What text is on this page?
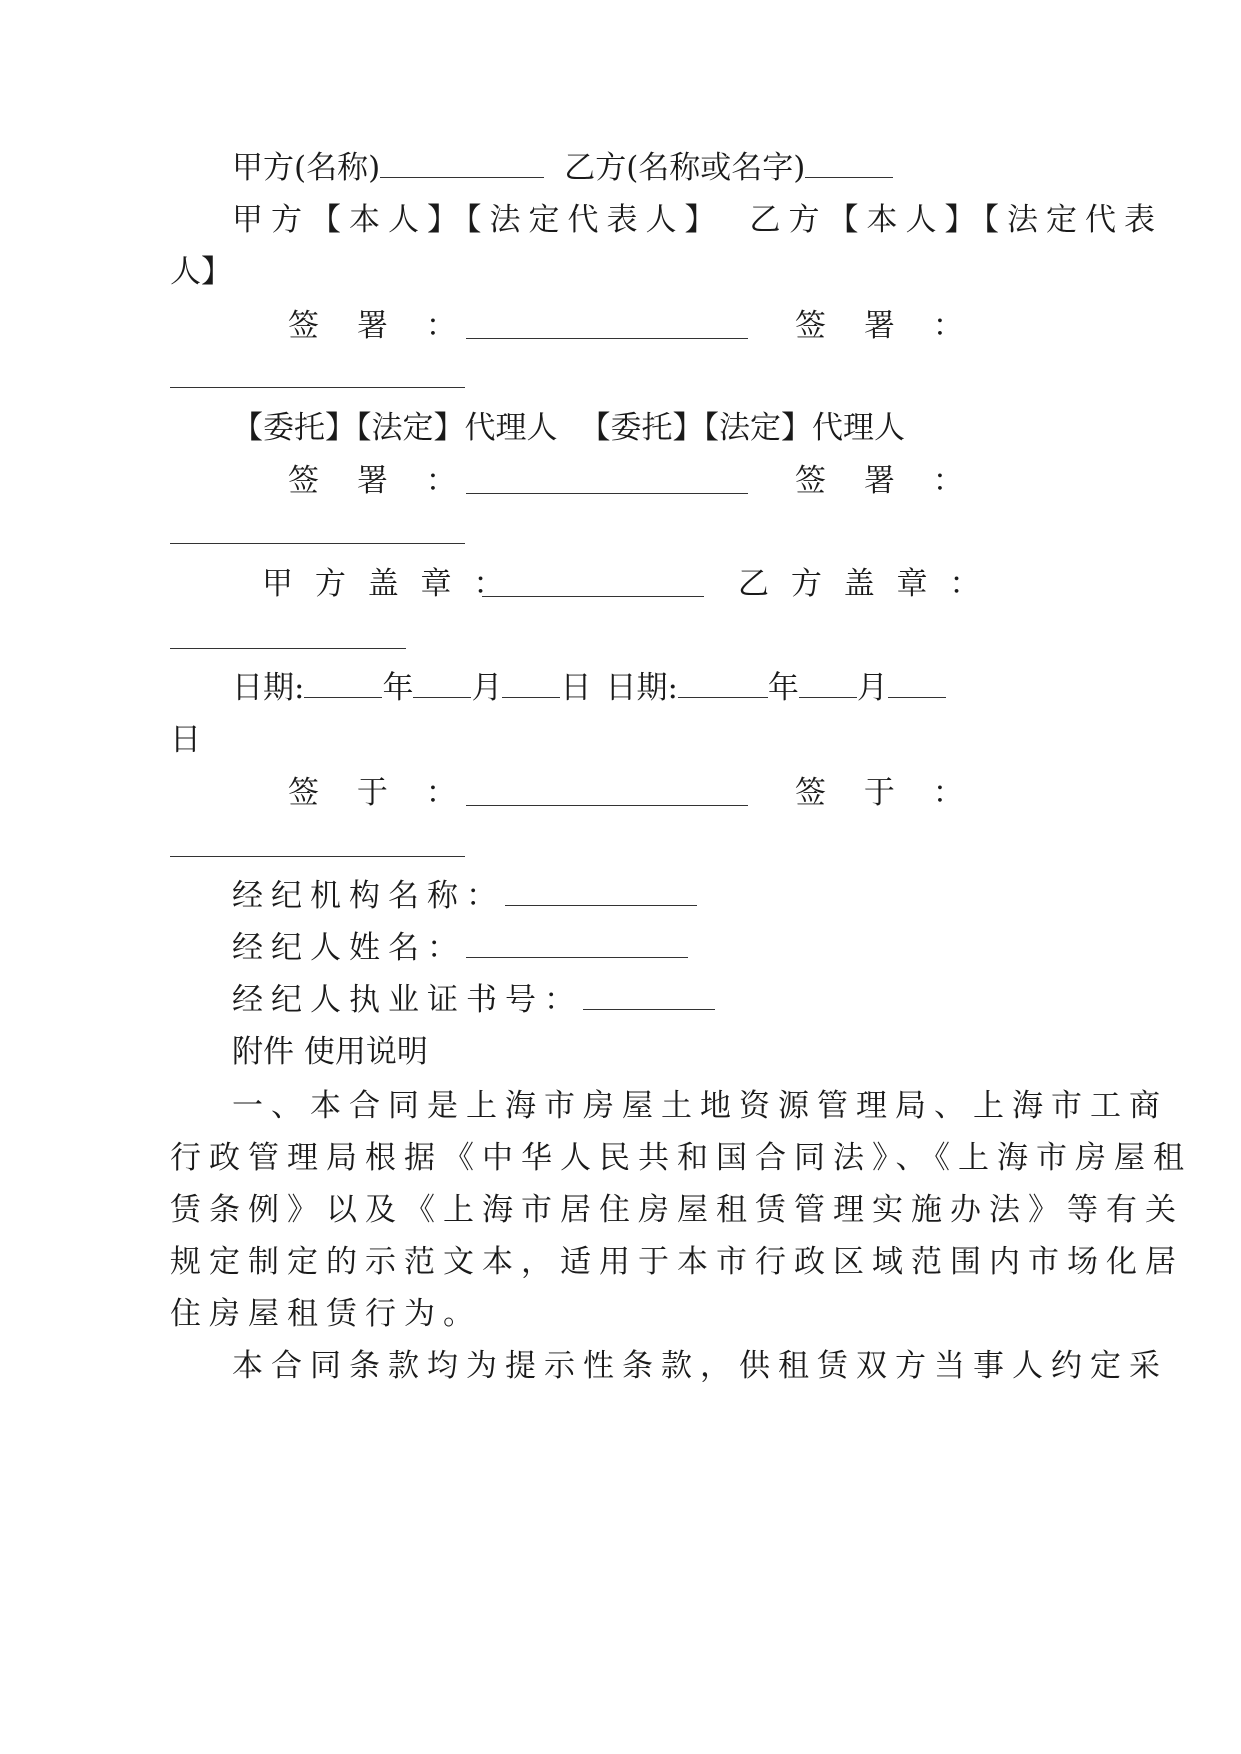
甲方(名称)	乙方(名称或名字)
甲方【本人】【法定代表人】 乙方【本人】【法定代表
人】
签 署 ：	签 署 ：
【委托】【法定】代理人 【委托】【法定】代理人
签 署 ：	签 署 ：
甲 方 盖 章 ：	乙 方 盖 章 ：
日期:	年 月 日 日期:	年 月
日
签 于 ：	签 于 ：
经纪机构名称：
经纪人姓名：
经纪人执业证书号：
附件 使用说明
一、本合同是上海市房屋土地资源管理局、上海市工商
行政管理局根据《中华人民共和国合同法》、《上海市房屋租
赁条例》以及《上海市居住房屋租赁管理实施办法》等有关
规定制定的示范文本，适用于本市行政区域范围内市场化居
住房屋租赁行为。
本合同条款均为提示性条款，供租赁双方当事人约定采
